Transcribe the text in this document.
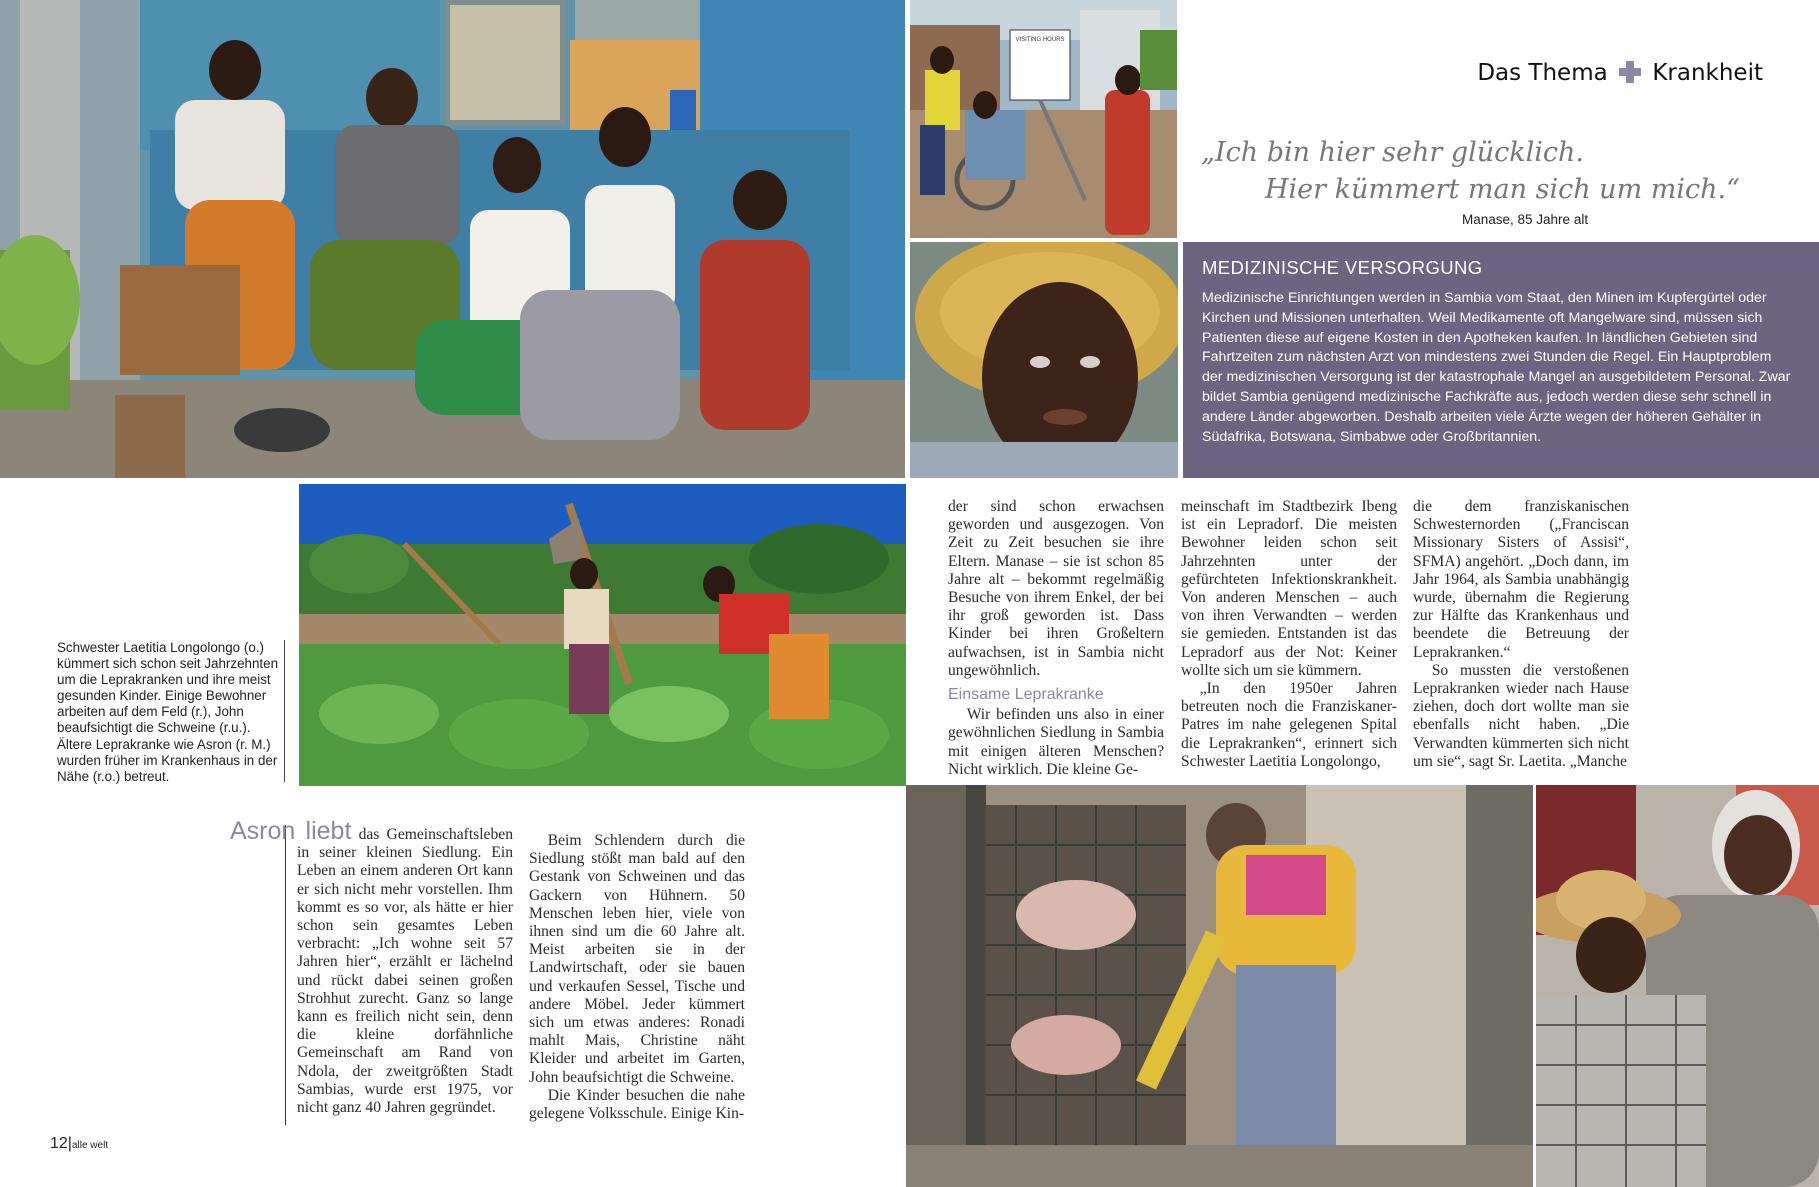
VISITING HOURS
Das Thema Krankheit
„Ich bin hier sehr glücklich.
Hier kümmert man sich um mich.“
Manase, 85 Jahre alt
MEDIZINISCHE VERSORGUNG

Medizinische Einrichtungen werden in Sambia vom Staat, den Minen im Kupfergürtel oder Kirchen und Missionen unterhalten. Weil Medikamente oft Mangelware sind, müssen sich Patienten diese auf eigene Kosten in den Apotheken kaufen. In ländlichen Gebieten sind Fahrtzeiten zum nächsten Arzt von mindestens zwei Stunden die Regel. Ein Hauptproblem der medizinischen Versorgung ist der katastrophale Mangel an ausgebildetem Personal. Zwar bildet Sambia genügend medizinische Fachkräfte aus, jedoch werden diese sehr schnell in andere Länder abgeworben. Deshalb arbeiten viele Ärzte wegen der höheren Gehälter in Südafrika, Botswana, Simbabwe oder Großbritannien.

Schwester Laetitia Longolongo (o.) kümmert sich schon seit Jahrzehnten um die Leprakranken und ihre meist gesunden Kinder. Einige Bewohner arbeiten auf dem Feld (r.), John beaufsichtigt die Schweine (r.u.). Ältere Leprakranke wie Asron (r. M.) wurden früher im Krankenhaus in der Nähe (r.o.) betreut.

Asron liebt das Gemeinschaftsleben in seiner kleinen Siedlung. Ein Leben an einem anderen Ort kann er sich nicht mehr vorstellen. Ihm kommt es so vor, als hätte er hier schon sein gesamtes Leben verbracht: „Ich wohne seit 57 Jahren hier“, erzählt er lächelnd und rückt dabei seinen großen Strohhut zurecht. Ganz so lange kann es freilich nicht sein, denn die kleine dorfähnliche Gemeinschaft am Rand von Ndola, der zweitgrößten Stadt Sambias, wurde erst 1975, vor nicht ganz 40 Jahren gegründet.

Beim Schlendern durch die Siedlung stößt man bald auf den Gestank von Schweinen und das Gackern von Hühnern. 50 Menschen leben hier, viele von ihnen sind um die 60 Jahre alt. Meist arbeiten sie in der Landwirtschaft, oder sie bauen und verkaufen Sessel, Tische und andere Möbel. Jeder kümmert sich um etwas anderes: Ronadi mahlt Mais, Christine näht Kleider und arbeitet im Garten, John beaufsichtigt die Schweine.

Die Kinder besuchen die nahe gelegene Volksschule. Einige Kin-

der sind schon erwachsen geworden und ausgezogen. Von Zeit zu Zeit besuchen sie ihre Eltern. Manase – sie ist schon 85 Jahre alt – bekommt regelmäßig Besuche von ihrem Enkel, der bei ihr groß geworden ist. Dass Kinder bei ihren Großeltern aufwachsen, ist in Sambia nicht ungewöhnlich.

Einsame Leprakranke

Wir befinden uns also in einer gewöhnlichen Siedlung in Sambia mit einigen älteren Menschen? Nicht wirklich. Die kleine Ge-

meinschaft im Stadtbezirk Ibeng ist ein Lepradorf. Die meisten Bewohner leiden schon seit Jahrzehnten unter der gefürchteten Infektionskrankheit. Von anderen Menschen – auch von ihren Verwandten – werden sie gemieden. Entstanden ist das Lepradorf aus der Not: Keiner wollte sich um sie kümmern.

„In den 1950er Jahren betreuten noch die Franziskaner-Patres im nahe gelegenen Spital die Leprakranken“, erinnert sich Schwester Laetitia Longolongo,

die dem franziskanischen Schwesternorden („Franciscan Missionary Sisters of Assisi“, SFMA) angehört. „Doch dann, im Jahr 1964, als Sambia unabhängig wurde, übernahm die Regierung zur Hälfte das Krankenhaus und beendete die Betreuung der Leprakranken.“

So mussten die verstoßenen Leprakranken wieder nach Hause ziehen, doch dort wollte man sie ebenfalls nicht haben. „Die Verwandten kümmerten sich nicht um sie“, sagt Sr. Laetita. „Manche

12|alle welt
